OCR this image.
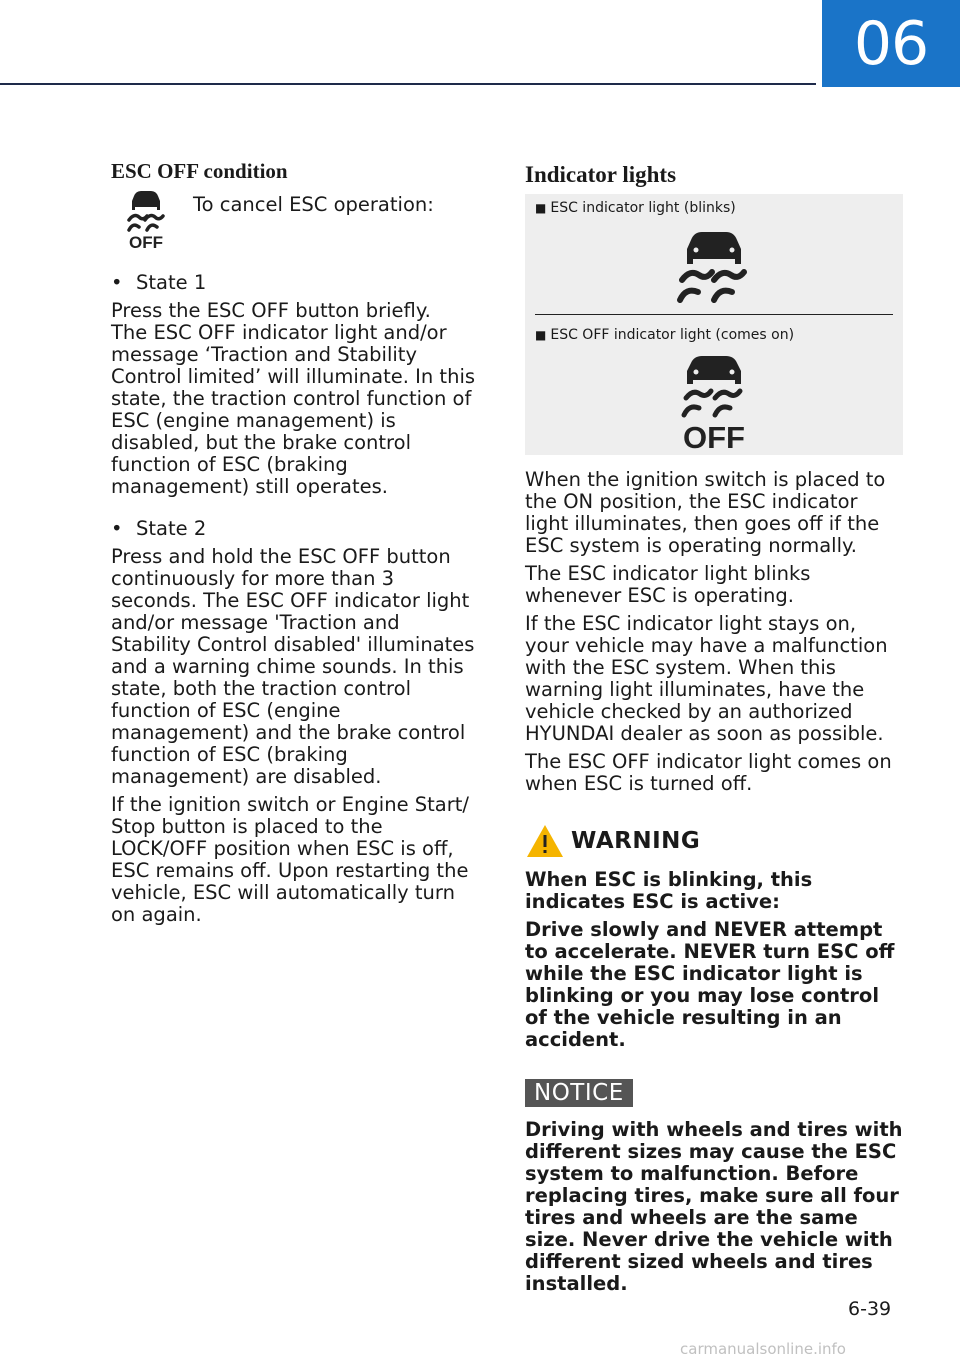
06
ESC OFF condition
OFF
To cancel ESC operation:
• State 1

Press the ESC OFF button briefly.

The ESC OFF indicator light and/or message ‘Traction and Stability Control limited’ will illuminate. In this state, the traction control function of ESC (engine management) is disabled, but the brake control function of ESC (braking management) still operates.

• State 2

Press and hold the ESC OFF button continuously for more than 3 seconds. The ESC OFF indicator light and/or message 'Traction and Stability Control disabled' illuminates and a warning chime sounds. In this state, both the traction control function of ESC (engine management) and the brake control function of ESC (braking management) are disabled.

If the ignition switch or Engine Start/ Stop button is placed to the LOCK/OFF position when ESC is off, ESC remains off. Upon restarting the vehicle, ESC will automatically turn on again.

Indicator lights
■ ESC indicator light (blinks)
■ ESC OFF indicator light (comes on)
OFF

When the ignition switch is placed to the ON position, the ESC indicator light illuminates, then goes off if the ESC system is operating normally.

The ESC indicator light blinks whenever ESC is operating.

If the ESC indicator light stays on, your vehicle may have a malfunction with the ESC system. When this warning light illuminates, have the vehicle checked by an authorized HYUNDAI dealer as soon as possible.

The ESC OFF indicator light comes on when ESC is turned off.

WARNING

When ESC is blinking, this indicates ESC is active:

Drive slowly and NEVER attempt to accelerate. NEVER turn ESC off while the ESC indicator light is blinking or you may lose control of the vehicle resulting in an accident.

NOTICE

Driving with wheels and tires with different sizes may cause the ESC system to malfunction. Before replacing tires, make sure all four tires and wheels are the same size. Never drive the vehicle with different sized wheels and tires installed.

6-39
carmanualsonline.info
